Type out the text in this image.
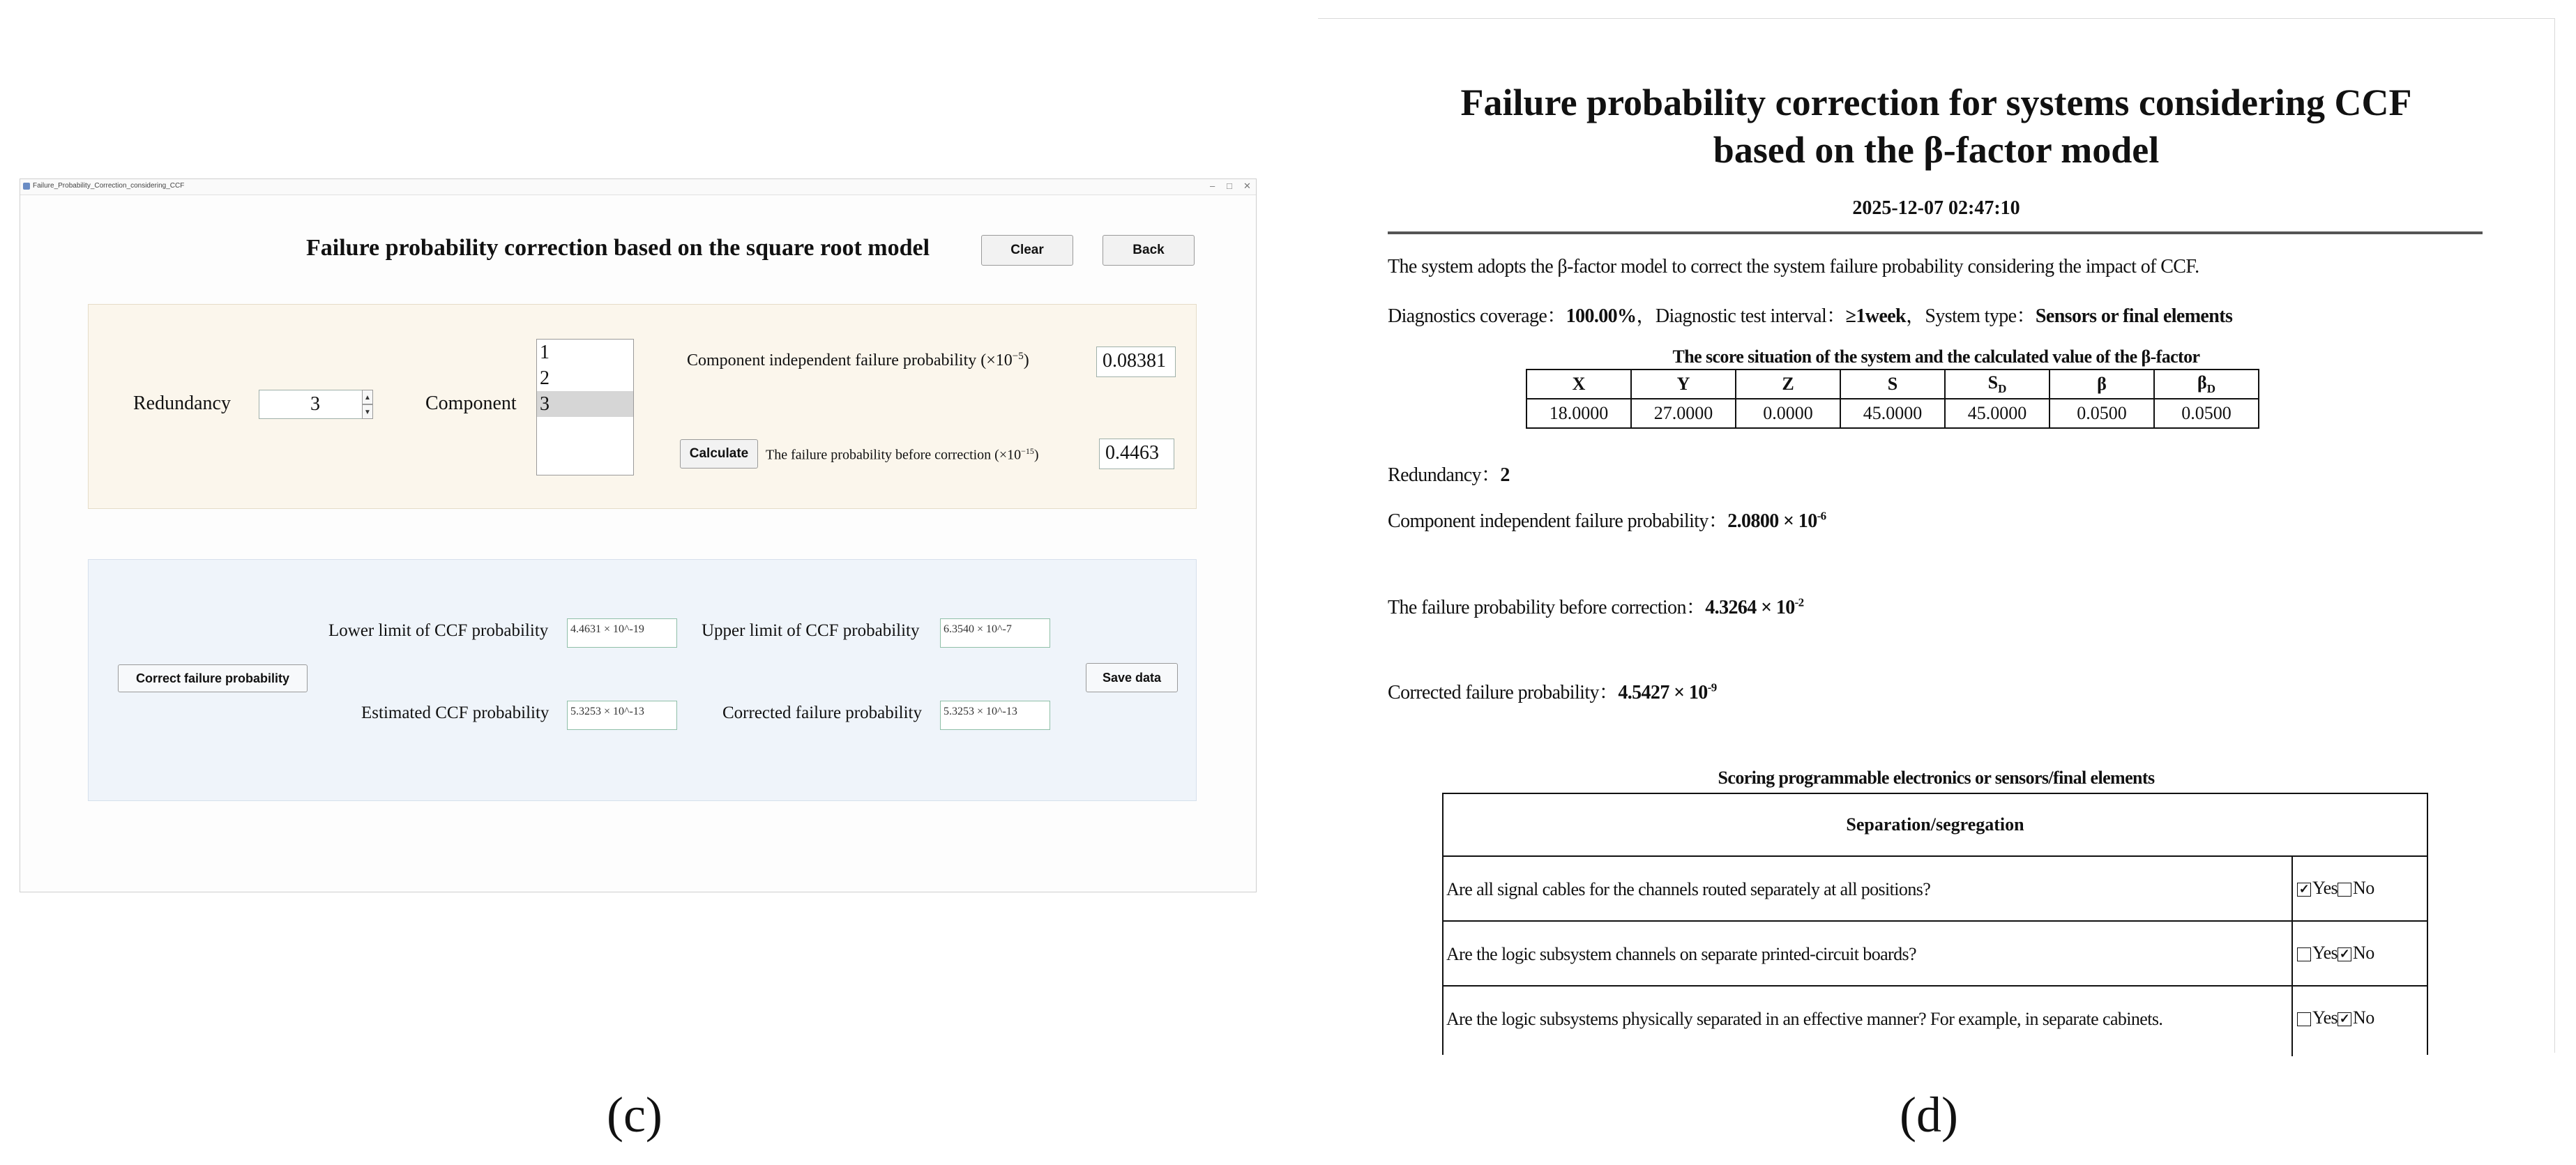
Failure_Probability_Correction_considering_CCF	– □ ✕
Failure probability correction based on the square root model	Clear	Back
Redundancy	3	▲
▼	Component
1
2
3
Component independent failure probability $(\times 10^{-5})$	0.08381
Calculate	The failure probability before correction $(\times 10^{-15})$	0.4463
Correct failure probability
Lower limit of CCF probability	4.4631 × 10^-19	Upper limit of CCF probability	6.3540 × 10^-7
Estimated CCF probability	5.3253 × 10^-13	Corrected failure probability	5.3253 × 10^-13
Save data
(c)
Failure probability correction for systems considering CCF
based on the β-factor model
2025-12-07 02:47:10
The system adopts the β-factor model to correct the system failure probability considering the impact of CCF.
Diagnostics coverage：100.00%，Diagnostic test interval：≥1week，System type：Sensors or final elements
The score situation of the system and the calculated value of the β-factor
X	Y	Z	S	$S_D$	β	$\beta_D$
18.0000	27.0000	0.0000	45.0000	45.0000	0.0500	0.0500
Redundancy：2
Component independent failure probability：$2.0800 \times 10^{-6}$
The failure probability before correction：$4.3264 \times 10^{-2}$
Corrected failure probability：$4.5427 \times 10^{-9}$
Scoring programmable electronics or sensors/final elements
Separation/segregation
Are all signal cables for the channels routed separately at all positions?	✓ Yes No
Are the logic subsystem channels on separate printed-circuit boards?	Yes ✓ No
Are the logic subsystems physically separated in an effective manner? For example, in separate cabinets.	Yes ✓ No
(d)
